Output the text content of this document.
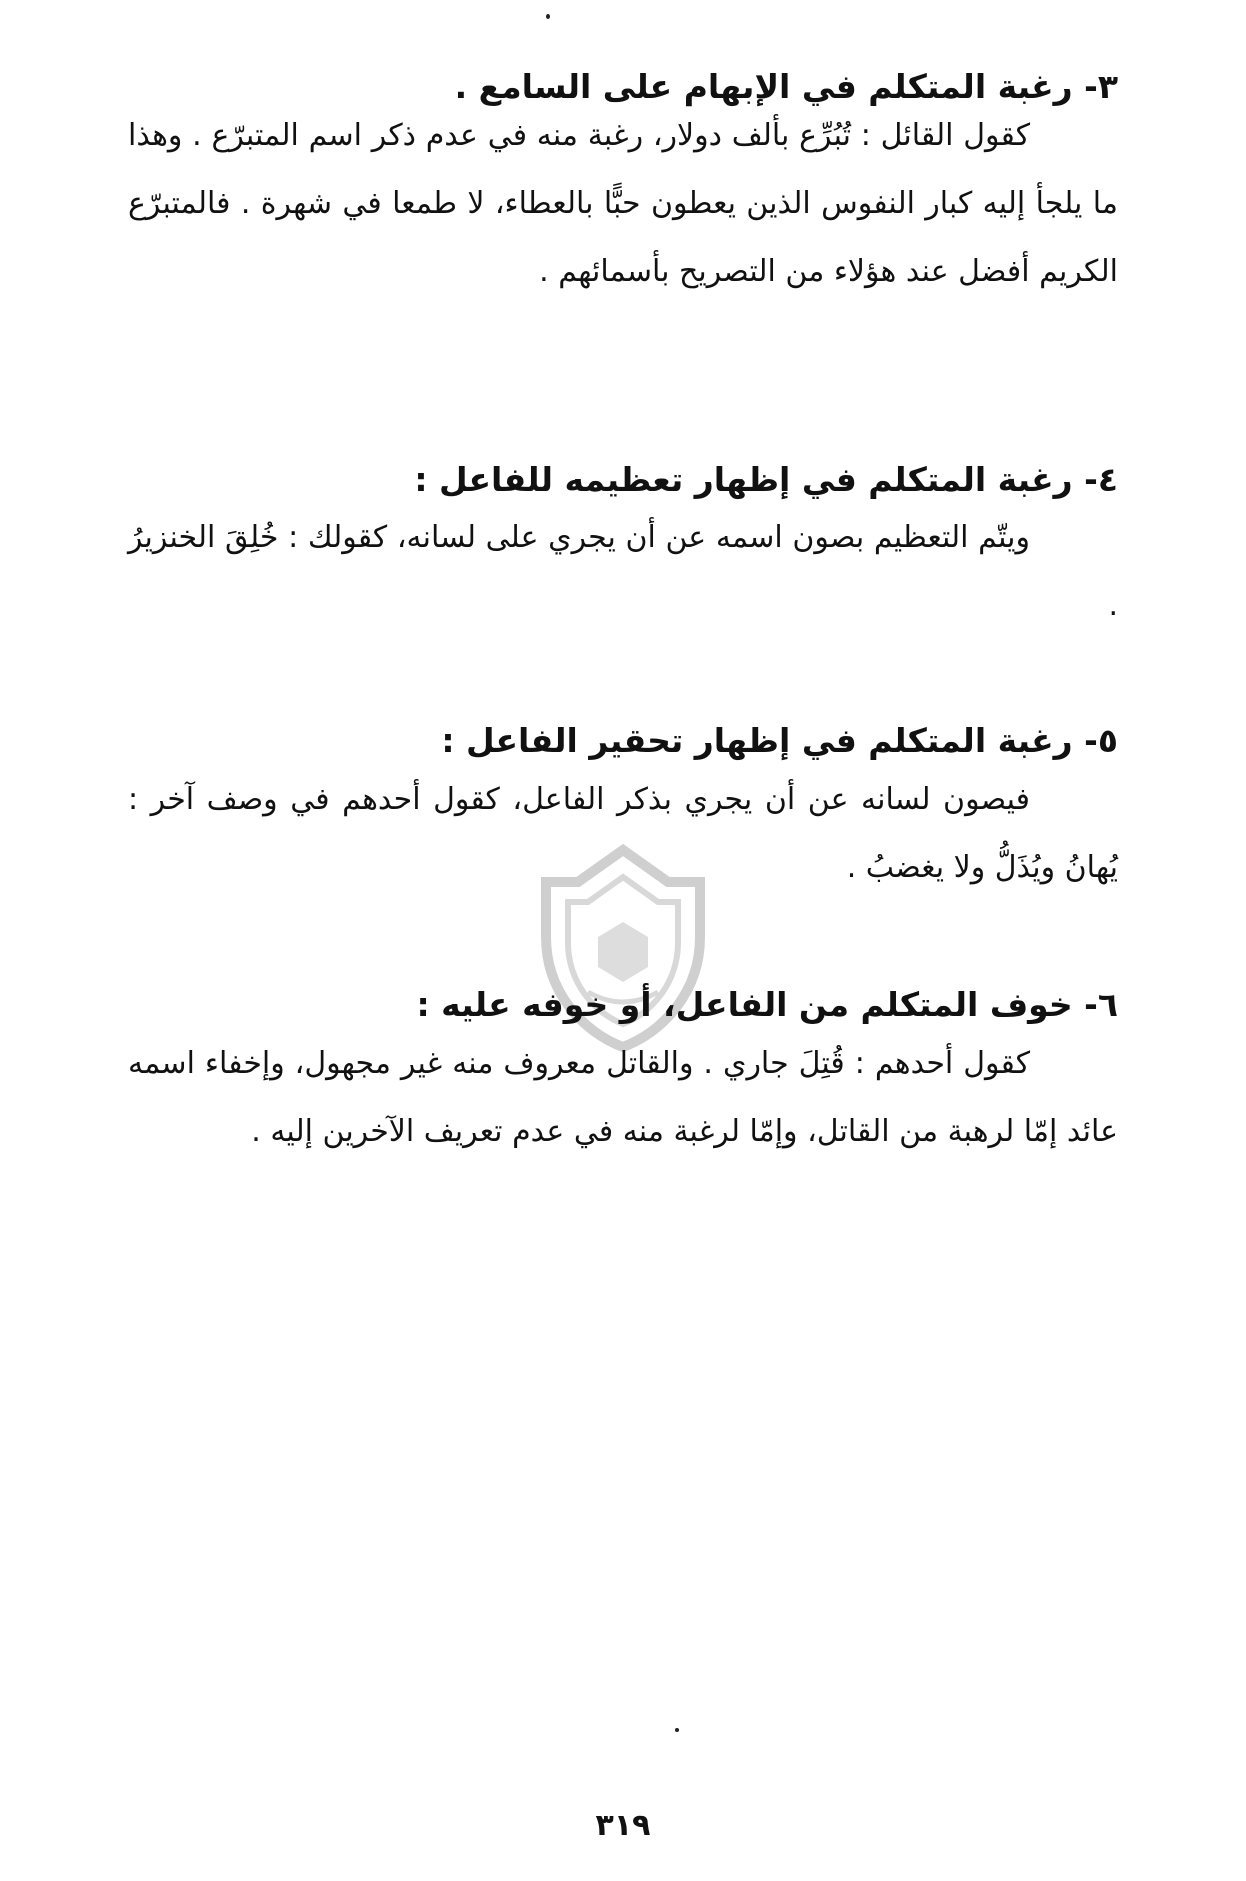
٣- رغبة المتكلم في الإبهام على السامع .

كقول القائل : تُبُرِّع بألف دولار، رغبة منه في عدم ذكر اسم المتبرّع . وهذا ما يلجأ إليه كبار النفوس الذين يعطون حبًّا بالعطاء، لا طمعا في شهرة . فالمتبرّع الكريم أفضل عند هؤلاء من التصريح بأسمائهم .

٤- رغبة المتكلم في إظهار تعظيمه للفاعل :

ويتّم التعظيم بصون اسمه عن أن يجري على لسانه، كقولك : خُلِقَ الخنزيرُ .

٥- رغبة المتكلم في إظهار تحقير الفاعل :

فيصون لسانه عن أن يجري بذكر الفاعل، كقول أحدهم في وصف آخر : يُهانُ ويُذَلُّ ولا يغضبُ .

٦- خوف المتكلم من الفاعل، أو خوفه عليه :

كقول أحدهم : قُتِلَ جاري . والقاتل معروف منه غير مجهول، وإخفاء اسمه عائد إمّا لرهبة من القاتل، وإمّا لرغبة منه في عدم تعريف الآخرين إليه .

٣١٩
